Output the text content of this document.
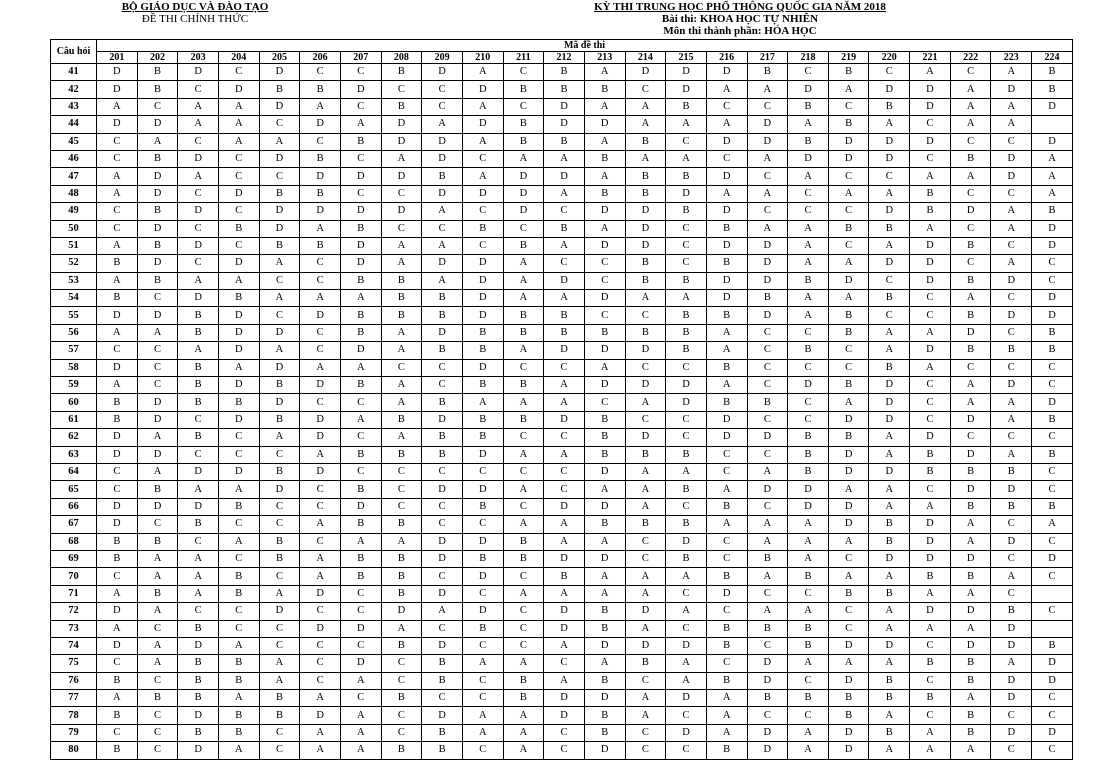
BỘ GIÁO DỤC VÀ ĐÀO TẠO
ĐỀ THI CHÍNH THỨC
KỲ THI TRUNG HỌC PHỔ THÔNG QUỐC GIA NĂM 2018
Bài thi: KHOA HỌC TỰ NHIÊN
Môn thi thành phần: HÓA HỌC
Câu hỏi	Mã đề thi																							
	201	202	203	204	205	206	207	208	209	210	211	212	213	214	215	216	217	218	219	220	221	222	223	224
41	D	B	D	C	D	C	C	B	D	A	C	B	A	D	D	D	B	C	B	C	A	C	A	B
42	D	B	C	D	B	B	D	C	C	D	B	B	B	C	D	A	A	D	A	D	D	A	D	B
43	A	C	A	A	D	A	C	B	C	A	C	D	A	A	B	C	C	B	C	B	D	A	A	D
44	D	D	A	A	C	D	A	D	A	D	B	D	D	A	A	A	D	A	B	A	C	A	A	
45	C	A	C	A	A	C	B	D	D	A	B	B	A	B	C	D	D	B	D	D	D	C	C	D
46	C	B	D	C	D	B	C	A	D	C	A	A	B	A	A	C	A	D	D	D	C	B	D	A
47	A	D	A	C	C	D	D	D	B	A	D	D	A	B	B	D	C	A	C	C	A	A	D	A
48	A	D	C	D	B	B	C	C	D	D	D	A	B	B	D	A	A	C	A	A	B	C	C	A
49	C	B	D	C	D	D	D	D	A	C	D	C	D	D	B	D	C	C	C	D	B	D	A	B
50	C	D	C	B	D	A	B	C	C	B	C	B	A	D	C	B	A	A	B	B	A	C	A	D
51	A	B	D	C	B	B	D	A	A	C	B	A	D	D	C	D	D	A	C	A	D	B	C	D
52	B	D	C	D	A	C	D	A	D	D	A	C	C	B	C	B	D	A	A	D	D	C	A	C
53	A	B	A	A	C	C	B	B	A	D	A	D	C	B	B	D	D	B	D	C	D	B	D	C
54	B	C	D	B	A	A	A	B	B	D	A	A	D	A	A	D	B	A	A	B	C	A	C	D
55	D	D	B	D	C	D	B	B	B	D	B	B	C	C	B	B	D	A	B	C	C	B	D	D
56	A	A	B	D	D	C	B	A	D	B	B	B	B	B	B	A	C	C	B	A	A	D	C	B
57	C	C	A	D	A	C	D	A	B	B	A	D	D	D	B	A	C	B	C	A	D	B	B	B
58	D	C	B	A	D	A	A	C	C	D	C	C	A	C	C	B	C	C	C	B	A	C	C	C
59	A	C	B	D	B	D	B	A	C	B	B	A	D	D	D	A	C	D	B	D	C	A	D	C
60	B	D	B	B	D	C	C	A	B	A	A	A	C	A	D	B	B	C	A	D	C	A	A	D
61	B	D	C	D	B	D	A	B	D	B	B	D	B	C	C	D	C	C	D	D	C	D	A	B
62	D	A	B	C	A	D	C	A	B	B	C	C	B	D	C	D	D	B	B	A	D	C	C	C
63	D	D	C	C	C	A	B	B	B	D	A	A	B	B	B	C	C	B	D	A	B	D	A	B
64	C	A	D	D	B	D	C	C	C	C	C	C	D	A	A	C	A	B	D	D	B	B	B	C
65	C	B	A	A	D	C	B	C	D	D	A	C	A	A	B	A	D	D	A	A	C	D	D	C
66	D	D	D	B	C	C	D	C	C	B	C	D	D	A	C	B	C	D	D	A	A	B	B	B
67	D	C	B	C	C	A	B	B	C	C	A	A	B	B	B	A	A	A	D	B	D	A	C	A
68	B	B	C	A	B	C	A	A	D	D	B	A	A	C	D	C	A	A	A	B	D	A	D	C
69	B	A	A	C	B	A	B	B	D	B	B	D	D	C	B	C	B	A	C	D	D	D	C	D
70	C	A	A	B	C	A	B	B	C	D	C	B	A	A	A	B	A	B	A	A	B	B	A	C
71	A	B	A	B	A	D	C	B	D	C	A	A	A	A	C	D	C	C	B	B	A	A	C	
72	D	A	C	C	D	C	C	D	A	D	C	D	B	D	A	C	A	A	C	A	D	D	B	C
73	A	C	B	C	C	D	D	A	C	B	C	D	B	A	C	B	B	B	C	A	A	A	D	
74	D	A	D	A	C	C	C	B	D	C	C	A	D	D	D	B	C	B	D	D	C	D	D	B
75	C	A	B	B	A	C	D	C	B	A	A	C	A	B	A	C	D	A	A	A	B	B	A	D
76	B	C	B	B	A	C	A	C	B	C	B	A	B	C	A	B	D	C	D	B	C	B	D	D
77	A	B	B	A	B	A	C	B	C	C	B	D	D	A	D	A	B	B	B	B	B	A	D	C
78	B	C	D	B	B	D	A	C	D	A	A	D	B	A	C	A	C	C	B	A	C	B	C	C
79	C	C	B	B	C	A	A	C	B	A	A	C	B	C	D	A	D	A	D	B	A	B	D	D
80	B	C	D	A	C	A	A	B	B	C	A	C	D	C	C	B	D	A	D	A	A	A	C	C
